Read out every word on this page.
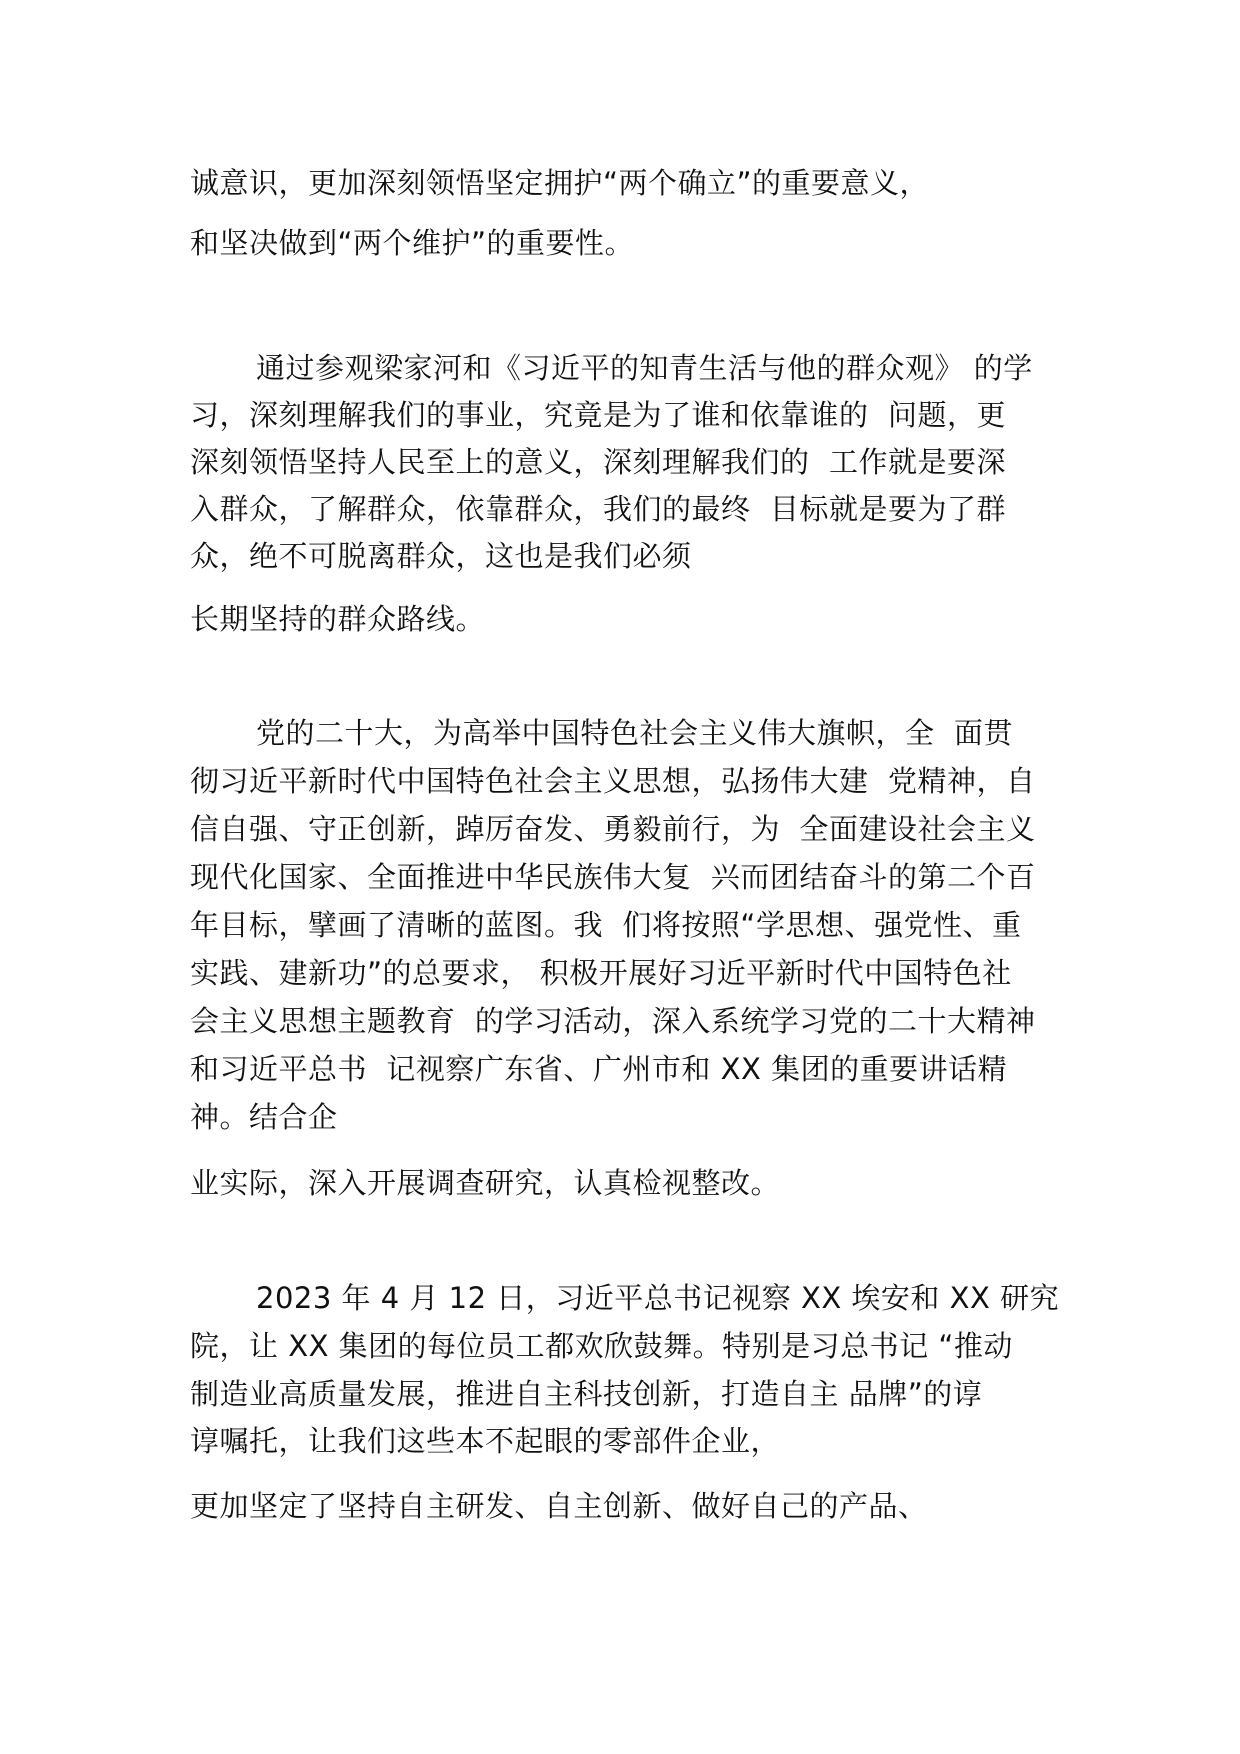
诚意识，更加深刻领悟坚定拥护“两个确立”的重要意义，
和坚决做到“两个维护”的重要性。
通过参观梁家河和《习近平的知青生活与他的群众观》 的学
习，深刻理解我们的事业，究竟是为了谁和依靠谁的  问题，更
深刻领悟坚持人民至上的意义，深刻理解我们的  工作就是要深
入群众，了解群众，依靠群众，我们的最终  目标就是要为了群
众，绝不可脱离群众，这也是我们必须
长期坚持的群众路线。
党的二十大，为高举中国特色社会主义伟大旗帜，全  面贯
彻习近平新时代中国特色社会主义思想，弘扬伟大建  党精神，自
信自强、守正创新，踔厉奋发、勇毅前行，为  全面建设社会主义
现代化国家、全面推进中华民族伟大复  兴而团结奋斗的第二个百
年目标，擘画了清晰的蓝图。我  们将按照“学思想、强党性、重
实践、建新功”的总要求， 积极开展好习近平新时代中国特色社
会主义思想主题教育  的学习活动，深入系统学习党的二十大精神
和习近平总书  记视察广东省、广州市和 XX 集团的重要讲话精
神。结合企
业实际，深入开展调查研究，认真检视整改。
2023 年 4 月 12 日，习近平总书记视察 XX 埃安和 XX 研究
院，让 XX 集团的每位员工都欢欣鼓舞。特别是习总书记 “推动
制造业高质量发展，推进自主科技创新，打造自主 品牌”的谆
谆嘱托，让我们这些本不起眼的零部件企业，
更加坚定了坚持自主研发、自主创新、做好自己的产品、
